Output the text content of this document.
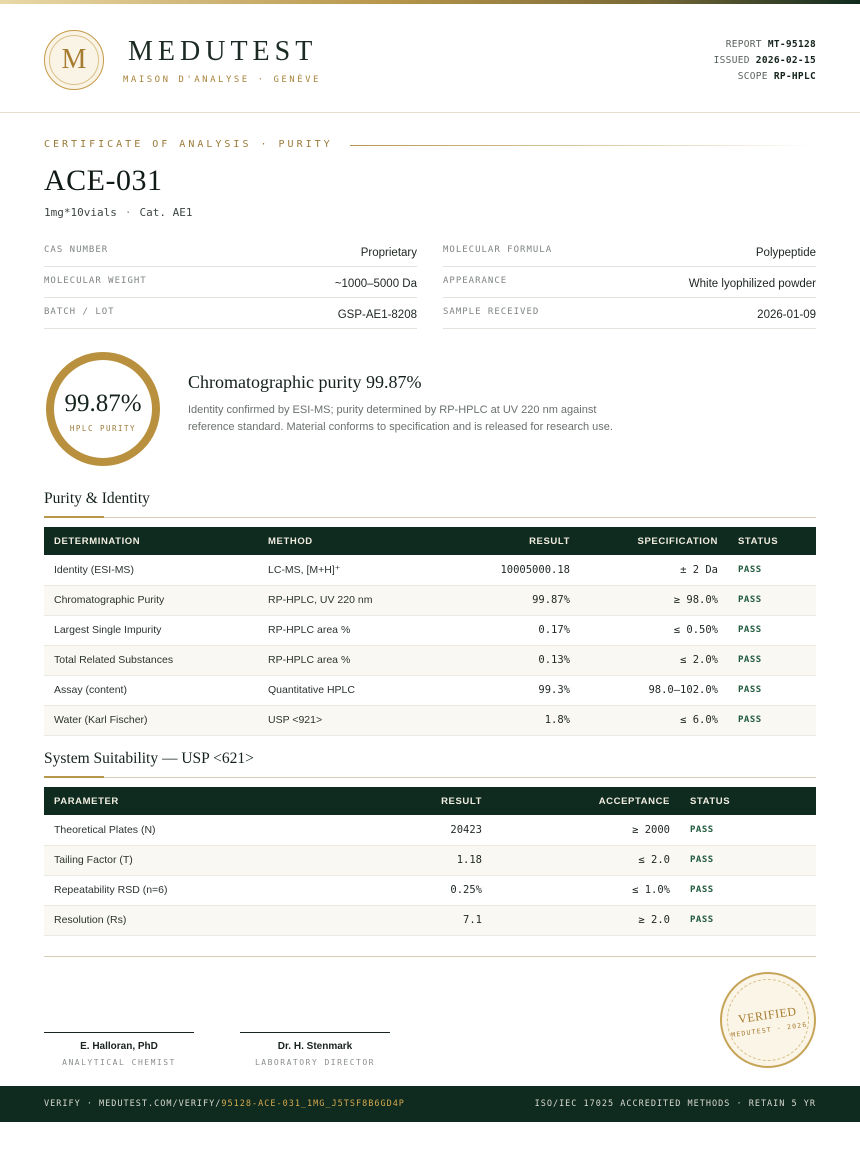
M	MEDUTEST
MAISON D'ANALYSE · GENÈVE
REPORT MT-95128
ISSUED 2026-02-15
SCOPE RP-HPLC
CERTIFICATE OF ANALYSIS · PURITY
ACE-031
1mg*10vials · Cat. AE1
CAS NUMBER	Proprietary	MOLECULAR FORMULA	Polypeptide
MOLECULAR WEIGHT	~1000–5000 Da	APPEARANCE	White lyophilized powder
BATCH / LOT	GSP-AE1-8208	SAMPLE RECEIVED	2026-01-09
99.87%
HPLC PURITY
Chromatographic purity 99.87%
Identity confirmed by ESI-MS; purity determined by RP-HPLC at UV 220 nm against reference standard. Material conforms to specification and is released for research use.
Purity & Identity
DETERMINATION	METHOD	RESULT	SPECIFICATION	STATUS
Identity (ESI-MS)	LC-MS, [M+H]⁺	10005000.18	± 2 Da	PASS
Chromatographic Purity	RP-HPLC, UV 220 nm	99.87%	≥ 98.0%	PASS
Largest Single Impurity	RP-HPLC area %	0.17%	≤ 0.50%	PASS
Total Related Substances	RP-HPLC area %	0.13%	≤ 2.0%	PASS
Assay (content)	Quantitative HPLC	99.3%	98.0–102.0%	PASS
Water (Karl Fischer)	USP <921>	1.8%	≤ 6.0%	PASS
System Suitability — USP <621>
PARAMETER	RESULT	ACCEPTANCE	STATUS
Theoretical Plates (N)	20423	≥ 2000	PASS
Tailing Factor (T)	1.18	≤ 2.0	PASS
Repeatability RSD (n=6)	0.25%	≤ 1.0%	PASS
Resolution (Rs)	7.1	≥ 2.0	PASS
E. Halloran, PhD
ANALYTICAL CHEMIST
Dr. H. Stenmark
LABORATORY DIRECTOR
VERIFIED
MEDUTEST · 2026
VERIFY · MEDUTEST.COM/VERIFY/95128-ACE-031_1MG_J5TSF8B6GD4P	ISO/IEC 17025 ACCREDITED METHODS · RETAIN 5 YR
